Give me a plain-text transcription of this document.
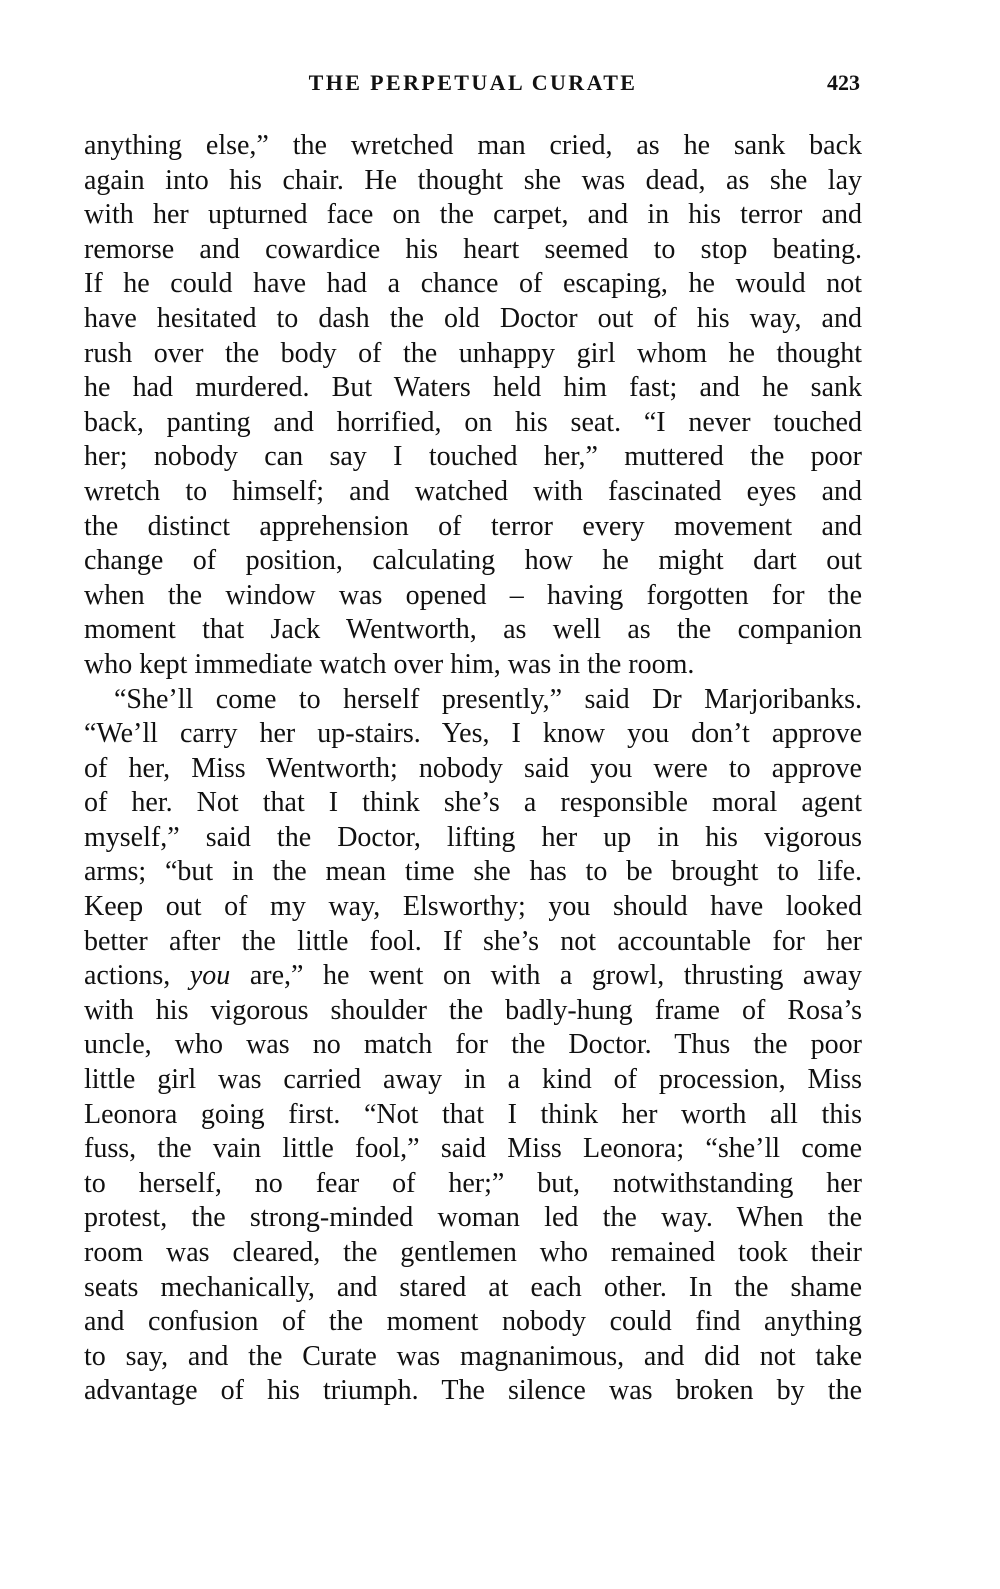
THE PERPETUAL CURATE	423
anything else,” the wretched man cried, as he sank back
again into his chair. He thought she was dead, as she lay
with her upturned face on the carpet, and in his terror and
remorse and cowardice his heart seemed to stop beating.
If he could have had a chance of escaping, he would not
have hesitated to dash the old Doctor out of his way, and
rush over the body of the unhappy girl whom he thought
he had murdered. But Waters held him fast; and he sank
back, panting and horrified, on his seat. “I never touched
her; nobody can say I touched her,” muttered the poor
wretch to himself; and watched with fascinated eyes and
the distinct apprehension of terror every movement and
change of position, calculating how he might dart out
when the window was opened – having forgotten for the
moment that Jack Wentworth, as well as the companion
who kept immediate watch over him, was in the room.
“She’ll come to herself presently,” said Dr Marjoribanks.
“We’ll carry her up-stairs. Yes, I know you don’t approve
of her, Miss Wentworth; nobody said you were to approve
of her. Not that I think she’s a responsible moral agent
myself,” said the Doctor, lifting her up in his vigorous
arms; “but in the mean time she has to be brought to life.
Keep out of my way, Elsworthy; you should have looked
better after the little fool. If she’s not accountable for her
actions, you are,” he went on with a growl, thrusting away
with his vigorous shoulder the badly-hung frame of Rosa’s
uncle, who was no match for the Doctor. Thus the poor
little girl was carried away in a kind of procession, Miss
Leonora going first. “Not that I think her worth all this
fuss, the vain little fool,” said Miss Leonora; “she’ll come
to herself, no fear of her;” but, notwithstanding her
protest, the strong-minded woman led the way. When the
room was cleared, the gentlemen who remained took their
seats mechanically, and stared at each other. In the shame
and confusion of the moment nobody could find anything
to say, and the Curate was magnanimous, and did not take
advantage of his triumph. The silence was broken by the
